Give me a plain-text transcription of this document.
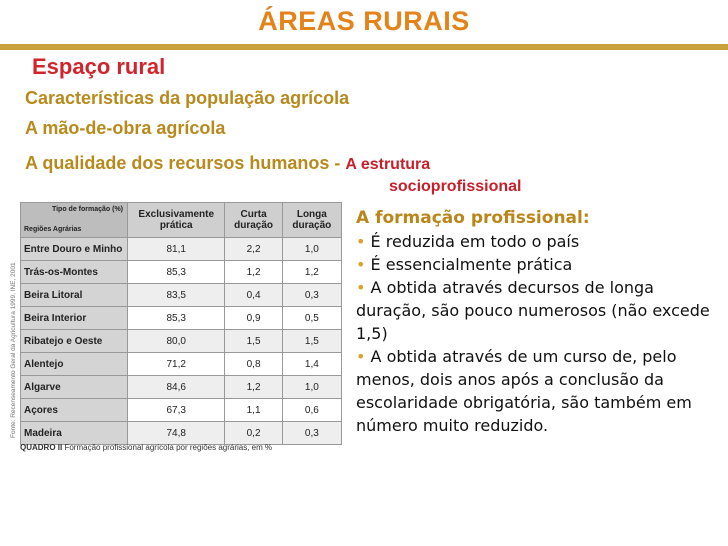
ÁREAS RURAIS
Espaço rural
Características da população agrícola
A mão-de-obra agrícola
A qualidade dos recursos humanos - A estrutura
socioprofissional
Fonte: Recenseamento Geral da Agricultura 1999, INE, 2001
Tipo de formação (%)
Regiões Agrárias	Exclusivamente prática	Curta duração	Longa duração
Entre Douro e Minho	81,1	2,2	1,0
Trás-os-Montes	85,3	1,2	1,2
Beira Litoral	83,5	0,4	0,3
Beira Interior	85,3	0,9	0,5
Ribatejo e Oeste	80,0	1,5	1,5
Alentejo	71,2	0,8	1,4
Algarve	84,6	1,2	1,0
Açores	67,3	1,1	0,6
Madeira	74,8	0,2	0,3
QUADRO II Formação profissional agrícola por regiões agrárias, em %
A formação profissional:

• É reduzida em todo o país

• É essencialmente prática

• A obtida através decursos de longa duração, são pouco numerosos (não excede 1,5)

• A obtida através de um curso de, pelo menos, dois anos após a conclusão da escolaridade obrigatória, são também em número muito reduzido.
